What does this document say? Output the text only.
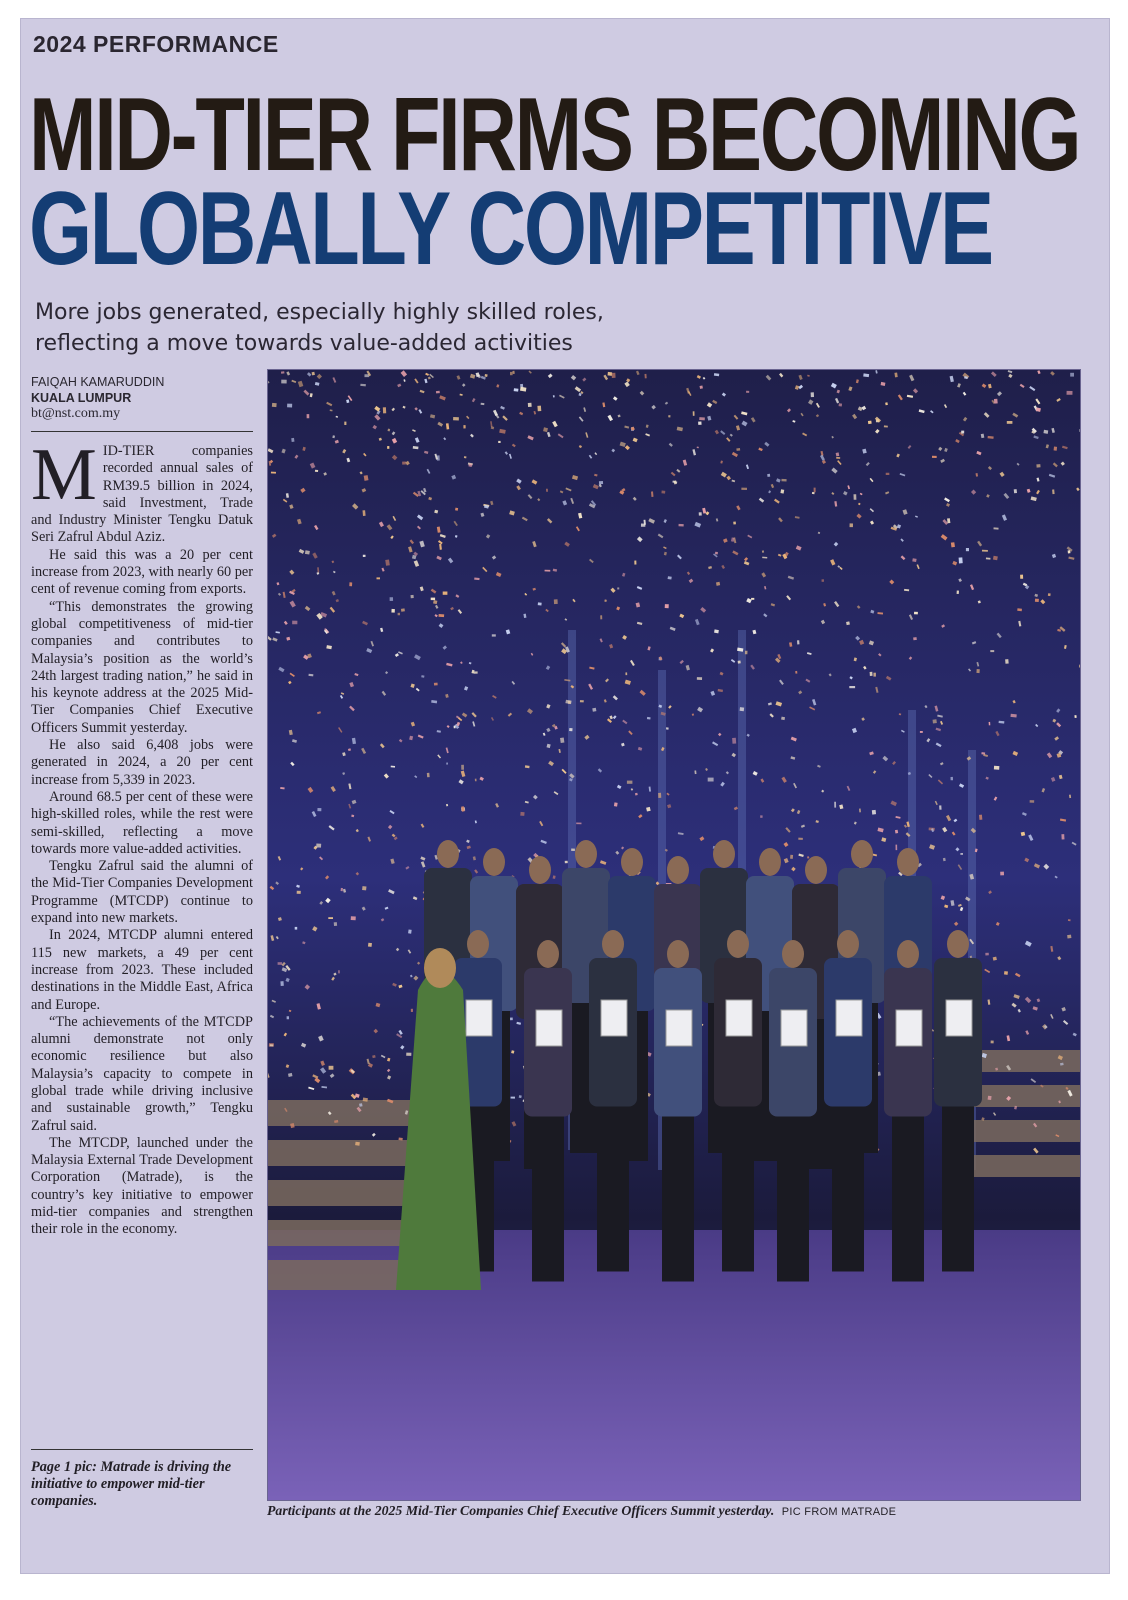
2024 PERFORMANCE
MID-TIER FIRMS BECOMING
GLOBALLY COMPETITIVE
More jobs generated, especially highly skilled roles,
reflecting a move towards value-added activities
FAIQAH KAMARUDDIN
KUALA LUMPUR
bt@nst.com.my

MID-TIER companies recorded annual sales of RM39.5 billion in 2024, said Investment, Trade and Industry Minister Tengku Datuk Seri Zafrul Abdul Aziz.

He said this was a 20 per cent increase from 2023, with nearly 60 per cent of revenue coming from exports.

“This demonstrates the growing global competitiveness of mid-tier companies and contributes to Malaysia’s position as the world’s 24th largest trading nation,” he said in his keynote address at the 2025 Mid-Tier Companies Chief Executive Officers Summit yesterday.

He also said 6,408 jobs were generated in 2024, a 20 per cent increase from 5,339 in 2023.

Around 68.5 per cent of these were high-skilled roles, while the rest were semi-skilled, reflecting a move towards more value-added activities.

Tengku Zafrul said the alumni of the Mid-Tier Companies Development Programme (MTCDP) continue to expand into new markets.

In 2024, MTCDP alumni entered 115 new markets, a 49 per cent increase from 2023. These included destinations in the Middle East, Africa and Europe.

“The achievements of the MTCDP alumni demonstrate not only economic resilience but also Malaysia’s capacity to compete in global trade while driving inclusive and sustainable growth,” Tengku Zafrul said.

The MTCDP, launched under the Malaysia External Trade Development Corporation (Matrade), is the country’s key initiative to empower mid-tier companies and strengthen their role in the economy.

Page 1 pic: Matrade is driving the initiative to empower mid-tier companies.
Participants at the 2025 Mid-Tier Companies Chief Executive Officers Summit yesterday. PIC FROM MATRADE
